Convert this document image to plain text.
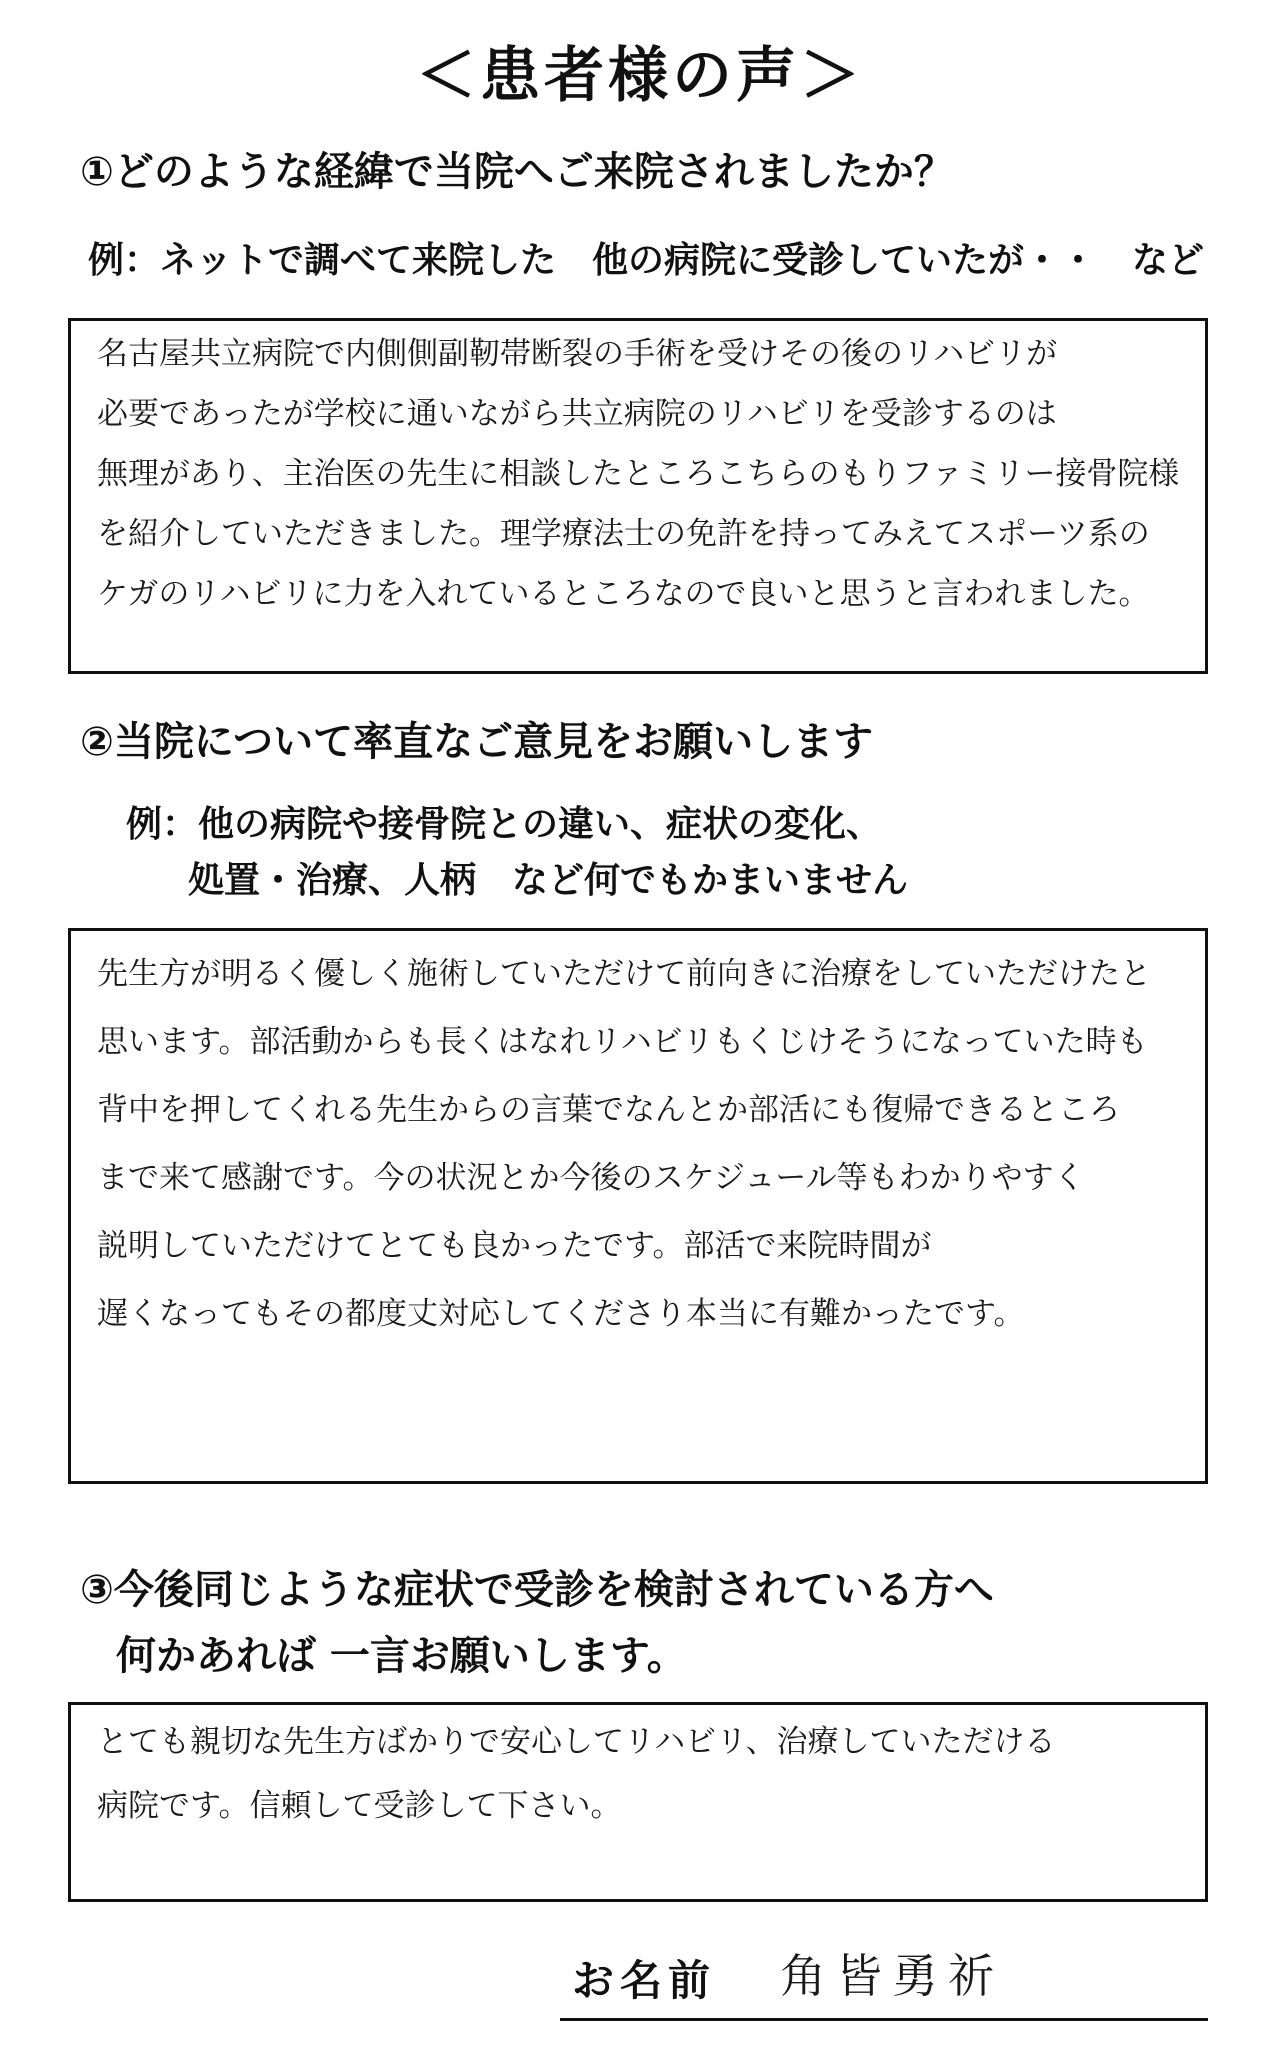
＜患者様の声＞
①どのような経緯で当院へご来院されましたか？
例：ネットで調べて来院した　他の病院に受診していたが・・　など
名古屋共立病院で内側側副靭帯断裂の手術を受けその後のリハビリが
必要であったが学校に通いながら共立病院のリハビリを受診するのは
無理があり、主治医の先生に相談したところこちらのもりファミリー接骨院様
を紹介していただきました。理学療法士の免許を持ってみえてスポーツ系の
ケガのリハビリに力を入れているところなので良いと思うと言われました。
②当院について率直なご意見をお願いします
例：他の病院や接骨院との違い、症状の変化、
処置・治療、人柄　など何でもかまいません
先生方が明るく優しく施術していただけて前向きに治療をしていただけたと
思います。部活動からも長くはなれリハビリもくじけそうになっていた時も
背中を押してくれる先生からの言葉でなんとか部活にも復帰できるところ
まで来て感謝です。今の状況とか今後のスケジュール等もわかりやすく
説明していただけてとても良かったです。部活で来院時間が
遅くなってもその都度丈対応してくださり本当に有難かったです。
③今後同じような症状で受診を検討されている方へ
何かあれば 一言お願いします。
とても親切な先生方ばかりで安心してリハビリ、治療していただける
病院です。信頼して受診して下さい。
お名前 角皆勇祈
